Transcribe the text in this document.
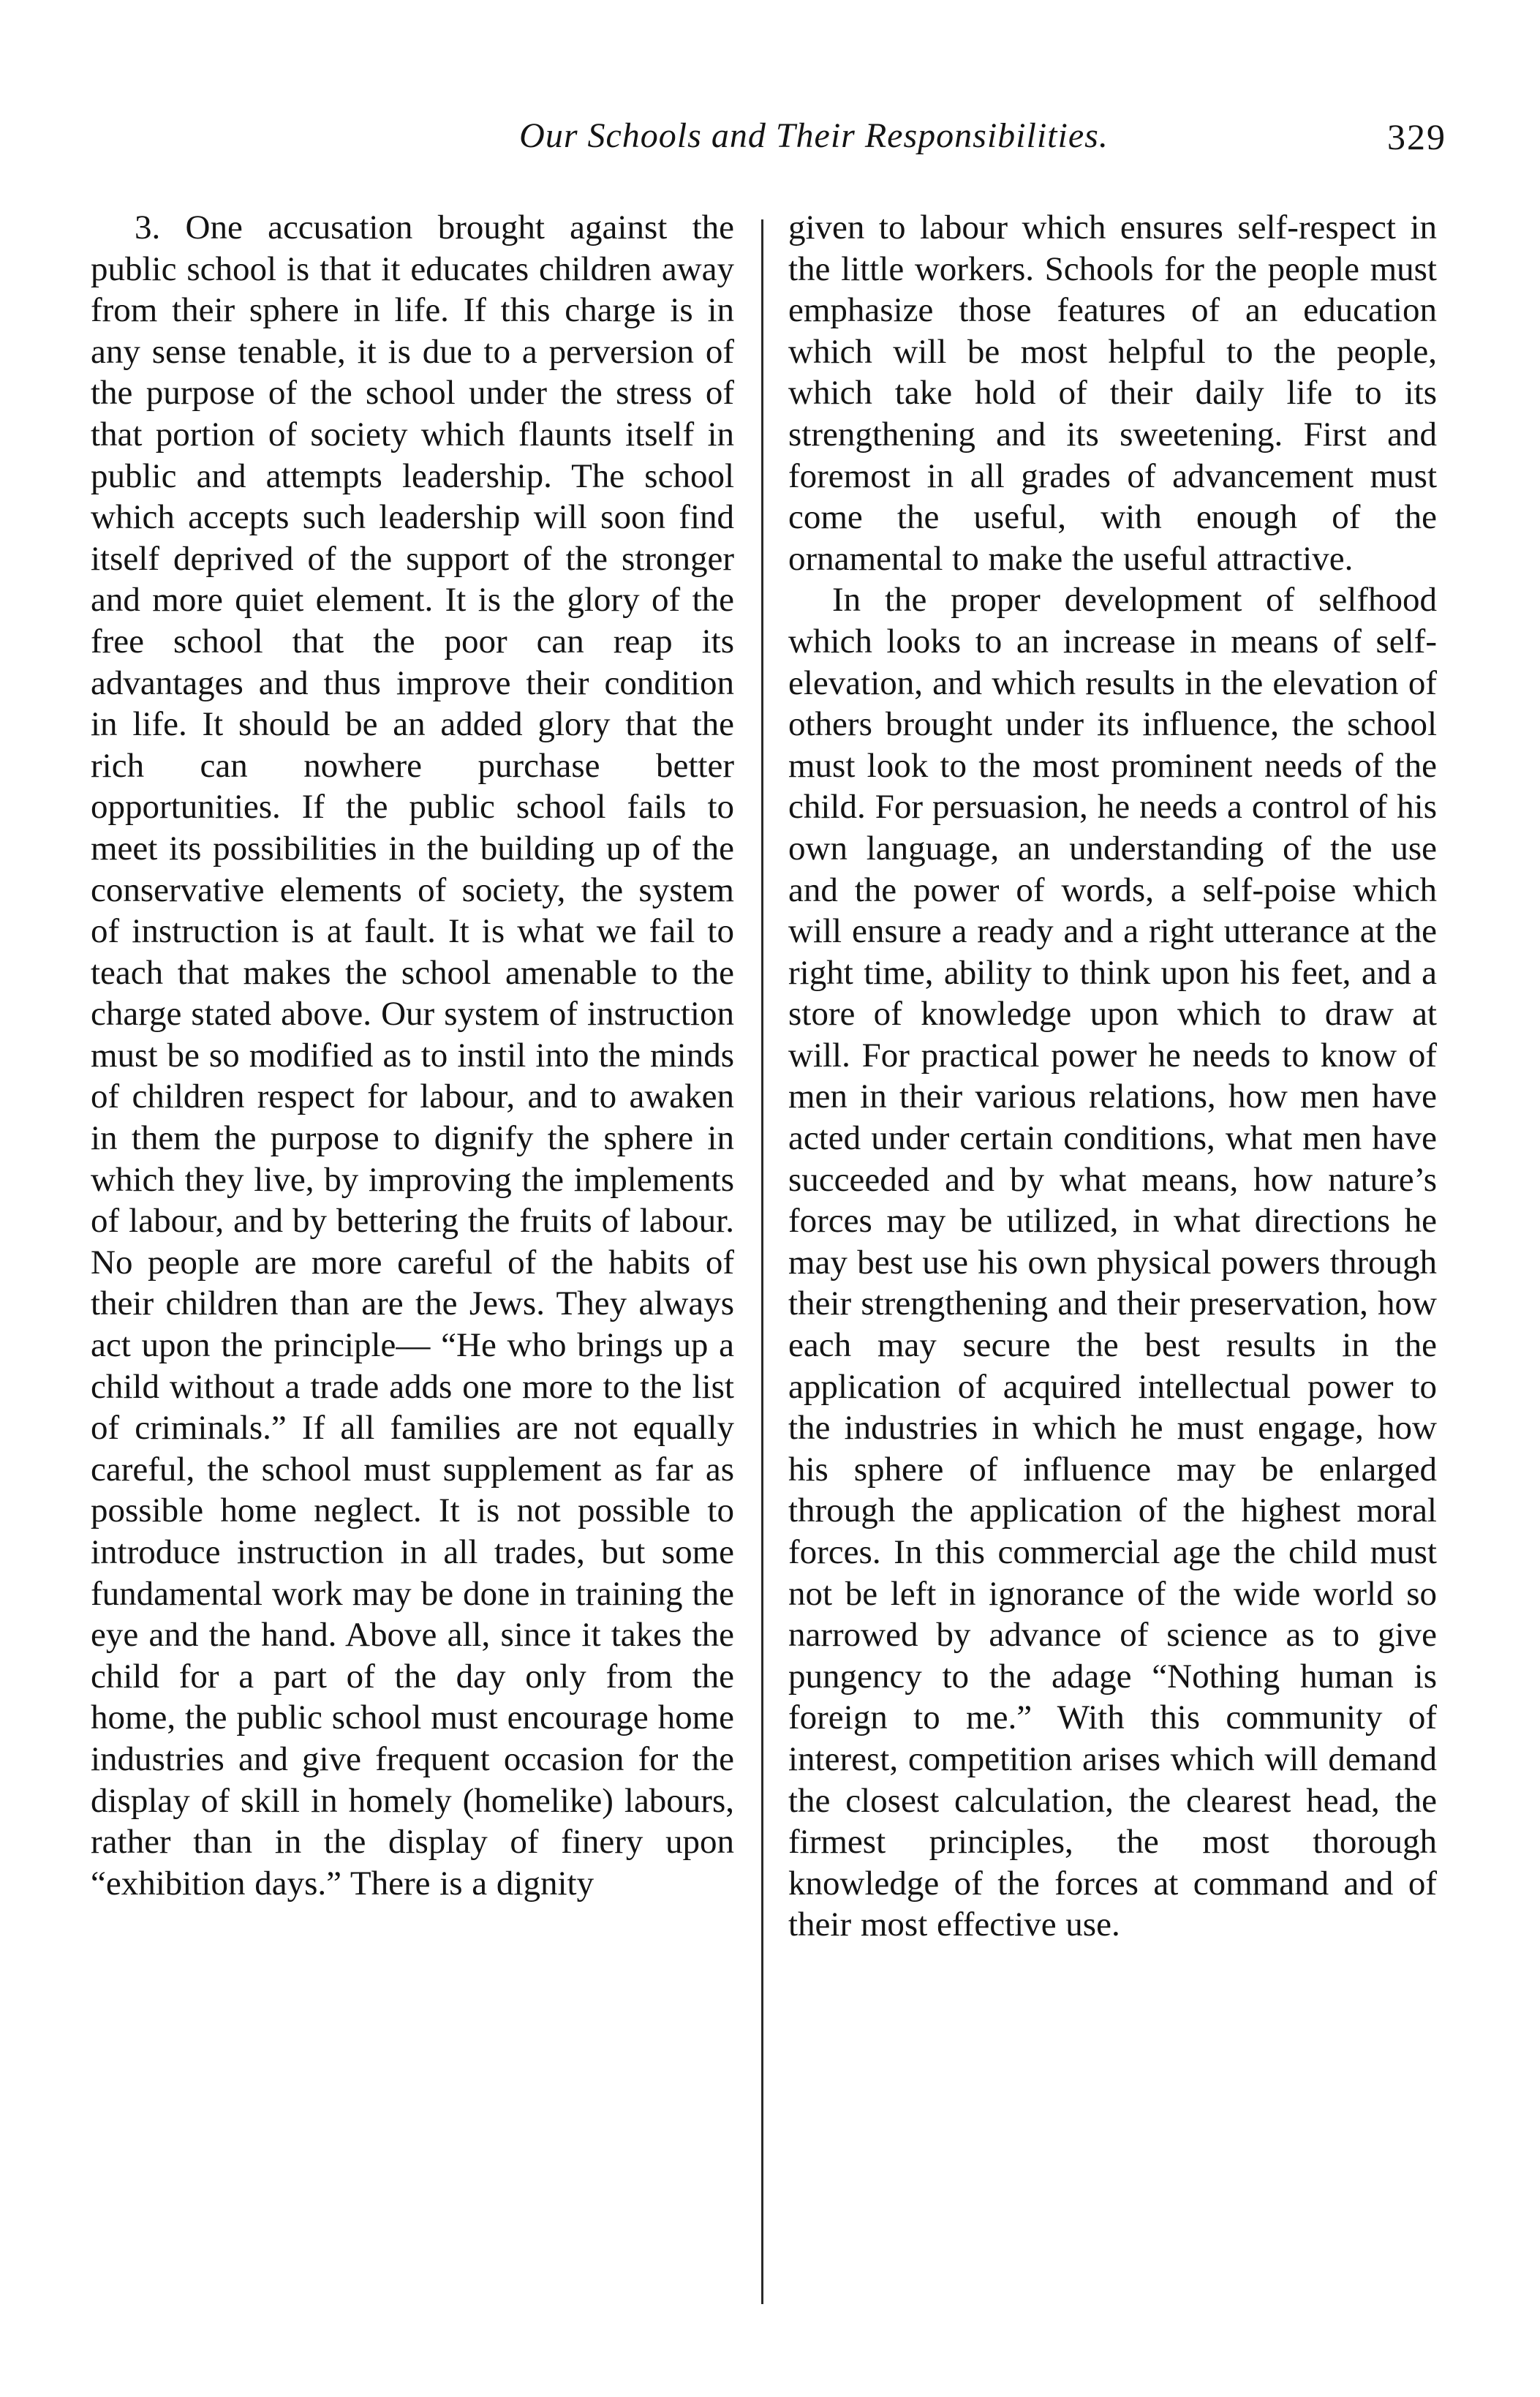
Our Schools and Their Responsibilities.	329

3. One accusation brought against the public school is that it educates children away from their sphere in life. If this charge is in any sense tenable, it is due to a perversion of the purpose of the school under the stress of that portion of society which flaunts itself in public and attempts leadership. The school which accepts such leadership will soon find itself deprived of the support of the stronger and more quiet element. It is the glory of the free school that the poor can reap its advantages and thus improve their condition in life. It should be an added glory that the rich can nowhere purchase better opportunities. If the public school fails to meet its possibilities in the building up of the conservative elements of society, the system of instruction is at fault. It is what we fail to teach that makes the school amenable to the charge stated above. Our system of instruction must be so modified as to instil into the minds of children respect for labour, and to awaken in them the purpose to dignify the sphere in which they live, by improving the implements of labour, and by bettering the fruits of labour. No people are more careful of the habits of their children than are the Jews. They always act upon the principle— “He who brings up a child without a trade adds one more to the list of criminals.” If all families are not equally careful, the school must supplement as far as possible home neglect. It is not possible to introduce instruction in all trades, but some fundamental work may be done in training the eye and the hand. Above all, since it takes the child for a part of the day only from the home, the public school must encourage home industries and give frequent occasion for the display of skill in homely (homelike) labours, rather than in the display of finery upon “exhibition days.” There is a dignity

given to labour which ensures self-respect in the little workers. Schools for the people must emphasize those features of an education which will be most helpful to the people, which take hold of their daily life to its strengthening and its sweetening. First and foremost in all grades of advancement must come the useful, with enough of the ornamental to make the useful attractive.

In the proper development of selfhood which looks to an increase in means of self-elevation, and which results in the elevation of others brought under its influence, the school must look to the most prominent needs of the child. For persuasion, he needs a control of his own language, an understanding of the use and the power of words, a self-poise which will ensure a ready and a right utterance at the right time, ability to think upon his feet, and a store of knowledge upon which to draw at will. For practical power he needs to know of men in their various relations, how men have acted under certain conditions, what men have succeeded and by what means, how nature’s forces may be utilized, in what directions he may best use his own physical powers through their strengthening and their preservation, how each may secure the best results in the application of acquired intellectual power to the industries in which he must engage, how his sphere of influence may be enlarged through the application of the highest moral forces. In this commercial age the child must not be left in ignorance of the wide world so narrowed by advance of science as to give pungency to the adage “Nothing human is foreign to me.” With this community of interest, competition arises which will demand the closest calculation, the clearest head, the firmest principles, the most thorough knowledge of the forces at command and of their most effective use.
